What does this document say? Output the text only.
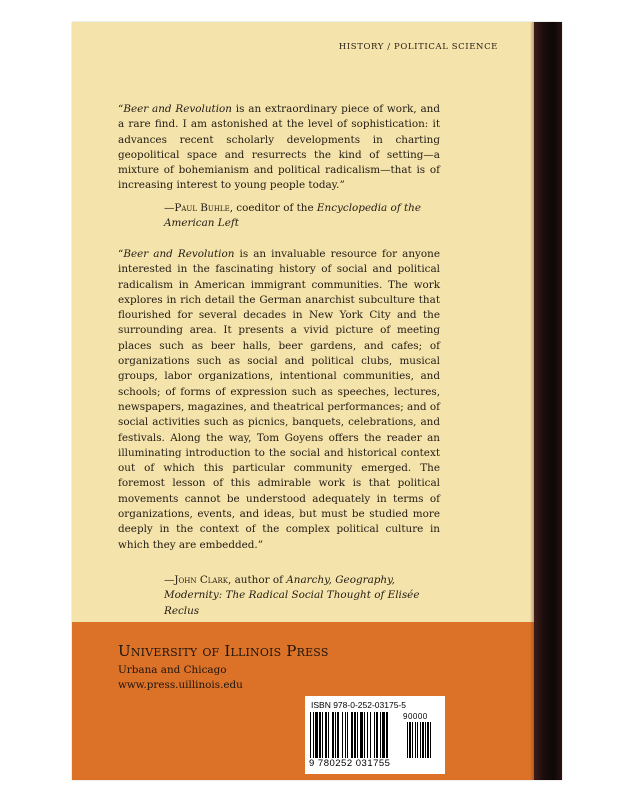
HISTORY / POLITICAL SCIENCE
“Beer and Revolution is an extraordinary piece of work, and a rare find. I am astonished at the level of sophistication: it advances recent scholarly developments in charting geopolitical space and resurrects the kind of setting—a mixture of bohemianism and political radicalism—that is of increasing interest to young people today.”
—Paul Buhle, coeditor of the Encyclopedia of the American Left
“Beer and Revolution is an invaluable resource for anyone interested in the fascinating history of social and political radicalism in American immigrant communities. The work explores in rich detail the German anarchist subculture that flourished for several decades in New York City and the surrounding area. It presents a vivid picture of meeting places such as beer halls, beer gardens, and cafes; of organizations such as social and political clubs, musical groups, labor organizations, intentional communities, and schools; of forms of expression such as speeches, lectures, newspapers, magazines, and theatrical performances; and of social activities such as picnics, banquets, celebrations, and festivals. Along the way, Tom Goyens offers the reader an illuminating introduction to the social and historical context out of which this particular community emerged. The foremost lesson of this admirable work is that political movements cannot be understood adequately in terms of organizations, events, and ideas, but must be studied more deeply in the context of the complex political culture in which they are embedded.”
—John Clark, author of Anarchy, Geography, Modernity: The Radical Social Thought of Elisée Reclus
University of Illinois Press
Urbana and Chicago
www.press.uillinois.edu
ISBN 978-0-252-03175-5
90000
9 780252 031755
